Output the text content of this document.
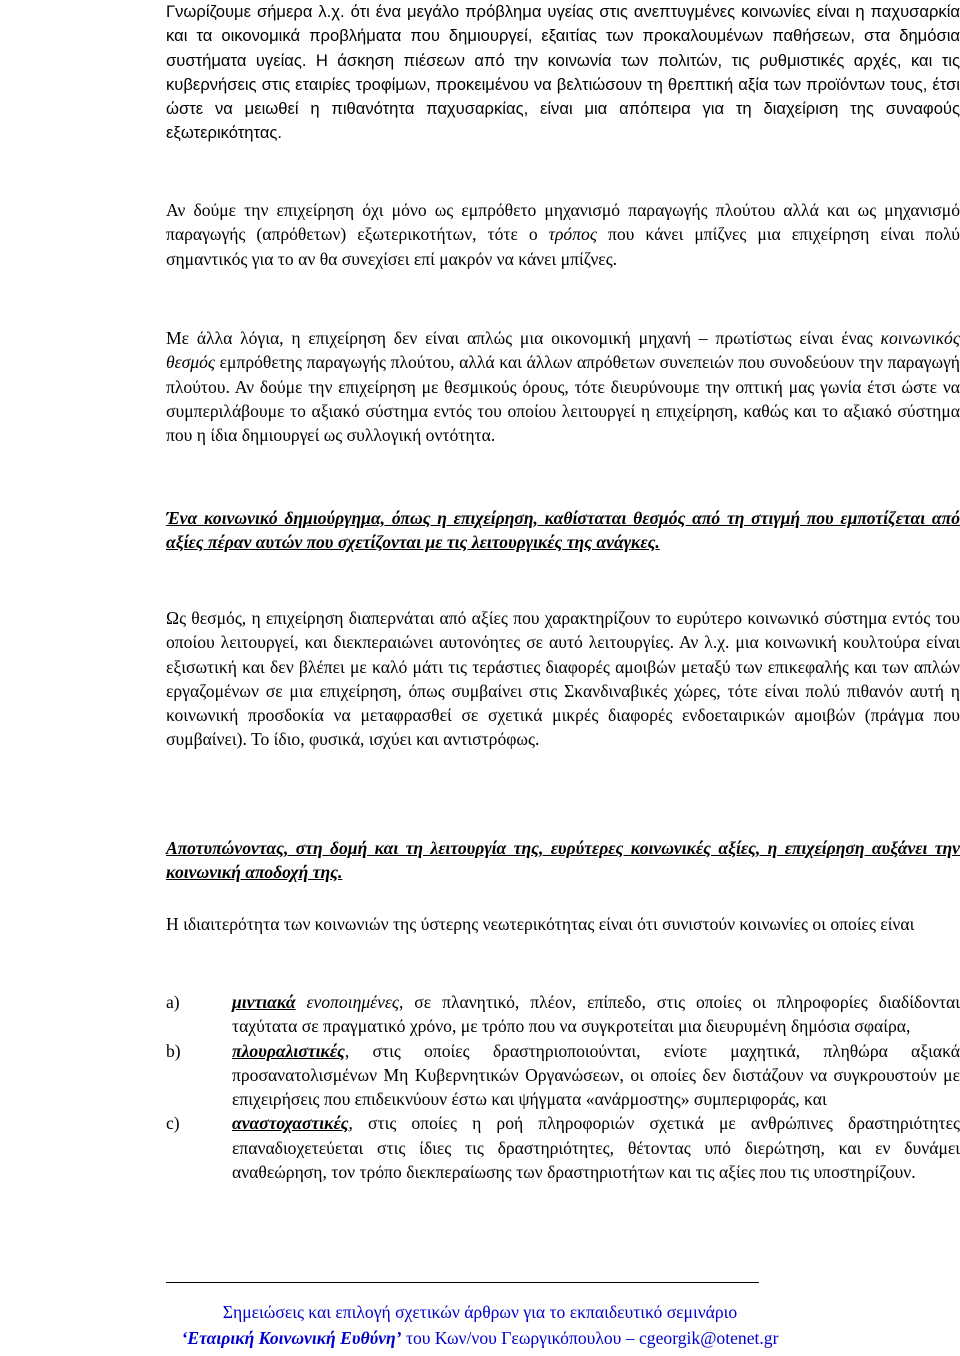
Γνωρίζουμε σήμερα λ.χ. ότι ένα μεγάλο πρόβλημα υγείας στις ανεπτυγμένες κοινωνίες είναι η παχυσαρκία και τα οικονομικά προβλήματα που δημιουργεί, εξαιτίας των προκαλουμένων παθήσεων, στα δημόσια συστήματα υγείας. Η άσκηση πιέσεων από την κοινωνία των πολιτών, τις ρυθμιστικές αρχές, και τις κυβερνήσεις στις εταιρίες τροφίμων, προκειμένου να βελτιώσουν τη θρεπτική αξία των προϊόντων τους, έτσι ώστε να μειωθεί η πιθανότητα παχυσαρκίας, είναι μια απόπειρα για τη διαχείριση της συναφούς εξωτερικότητας.

Αν δούμε την επιχείρηση όχι μόνο ως εμπρόθετο μηχανισμό παραγωγής πλούτου αλλά και ως μηχανισμό παραγωγής (απρόθετων) εξωτερικοτήτων, τότε ο τρόπος που κάνει μπίζνες μια επιχείρηση είναι πολύ σημαντικός για το αν θα συνεχίσει επί μακρόν να κάνει μπίζνες.

Με άλλα λόγια, η επιχείρηση δεν είναι απλώς μια οικονομική μηχανή – πρωτίστως είναι ένας κοινωνικός θεσμός εμπρόθετης παραγωγής πλούτου, αλλά και άλλων απρόθετων συνεπειών που συνοδεύουν την παραγωγή πλούτου. Αν δούμε την επιχείρηση με θεσμικούς όρους, τότε διευρύνουμε την οπτική μας γωνία έτσι ώστε να συμπεριλάβουμε το αξιακό σύστημα εντός του οποίου λειτουργεί η επιχείρηση, καθώς και το αξιακό σύστημα που η ίδια δημιουργεί ως συλλογική οντότητα.

Ένα κοινωνικό δημιούργημα, όπως η επιχείρηση, καθίσταται θεσμός από τη στιγμή που εμποτίζεται από αξίες πέραν αυτών που σχετίζονται με τις λειτουργικές της ανάγκες.

Ως θεσμός, η επιχείρηση διαπερνάται από αξίες που χαρακτηρίζουν το ευρύτερο κοινωνικό σύστημα εντός του οποίου λειτουργεί, και διεκπεραιώνει αυτονόητες σε αυτό λειτουργίες. Αν λ.χ. μια κοινωνική κουλτούρα είναι εξισωτική και δεν βλέπει με καλό μάτι τις τεράστιες διαφορές αμοιβών μεταξύ των επικεφαλής και των απλών εργαζομένων σε μια επιχείρηση, όπως συμβαίνει στις Σκανδιναβικές χώρες, τότε είναι πολύ πιθανόν αυτή η κοινωνική προσδοκία να μεταφρασθεί σε σχετικά μικρές διαφορές ενδοεταιρικών αμοιβών (πράγμα που συμβαίνει). Το ίδιο, φυσικά, ισχύει και αντιστρόφως.

Αποτυπώνοντας, στη δομή και τη λειτουργία της, ευρύτερες κοινωνικές αξίες, η επιχείρηση αυξάνει την κοινωνική αποδοχή της.

Η ιδιαιτερότητα των κοινωνιών της ύστερης νεωτερικότητας είναι ότι συνιστούν κοινωνίες οι οποίες είναι

a)	μιντιακά ενοποιημένες, σε πλανητικό, πλέον, επίπεδο, στις οποίες οι πληροφορίες διαδίδονται ταχύτατα σε πραγματικό χρόνο, με τρόπο που να συγκροτείται μια διευρυμένη δημόσια σφαίρα,
b)	πλουραλιστικές, στις οποίες δραστηριοποιούνται, ενίοτε μαχητικά, πληθώρα αξιακά προσανατολισμένων Μη Κυβερνητικών Οργανώσεων, οι οποίες δεν διστάζουν να συγκρουστούν με επιχειρήσεις που επιδεικνύουν έστω και ψήγματα «ανάρμοστης» συμπεριφοράς, και
c)	αναστοχαστικές, στις οποίες η ροή πληροφοριών σχετικά με ανθρώπινες δραστηριότητες επαναδιοχετεύεται στις ίδιες τις δραστηριότητες, θέτοντας υπό διερώτηση, και εν δυνάμει αναθεώρηση, τον τρόπο διεκπεραίωσης των δραστηριοτήτων και τις αξίες που τις υποστηρίζουν.

Σημειώσεις και επιλογή σχετικών άρθρων για το εκπαιδευτικό σεμινάριο

‘Εταιρική Κοινωνική Ευθύνη’ του Κων/νου Γεωργικόπουλου – cgeorgik@otenet.gr
